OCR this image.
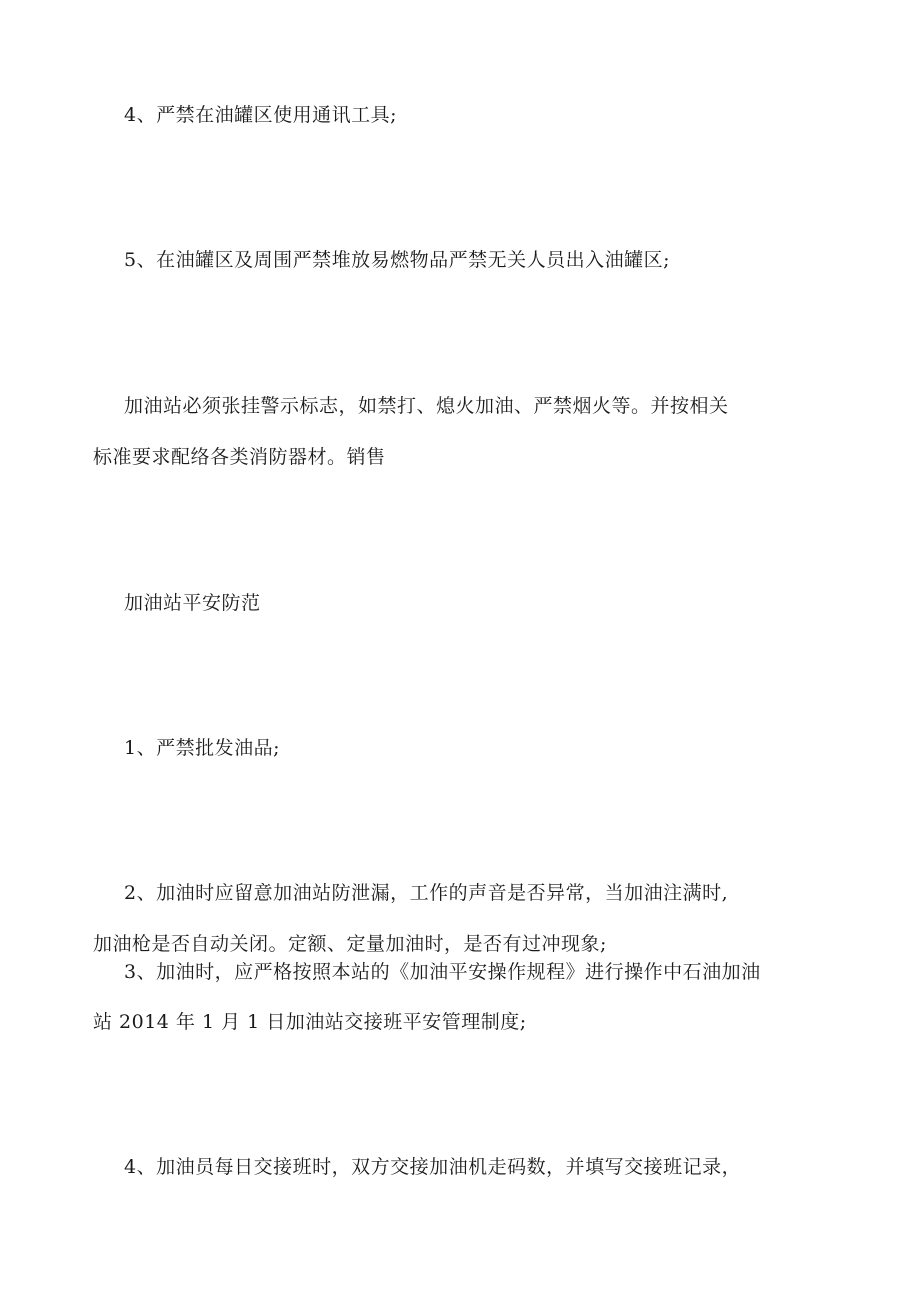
4、严禁在油罐区使用通讯工具;
5、在油罐区及周围严禁堆放易燃物品严禁无关人员出入油罐区;
加油站必须张挂警示标志，如禁打、熄火加油、严禁烟火等。并按相关
标准要求配络各类消防器材。销售
加油站平安防范
1、严禁批发油品;
2、加油时应留意加油站防泄漏，工作的声音是否异常，当加油注满时,
加油枪是否自动关闭。定额、定量加油时，是否有过冲现象;
3、加油时，应严格按照本站的《加油平安操作规程》进行操作中石油加油
站 2014 年 1 月 1 日加油站交接班平安管理制度;
4、加油员每日交接班时，双方交接加油机走码数，并填写交接班记录，
